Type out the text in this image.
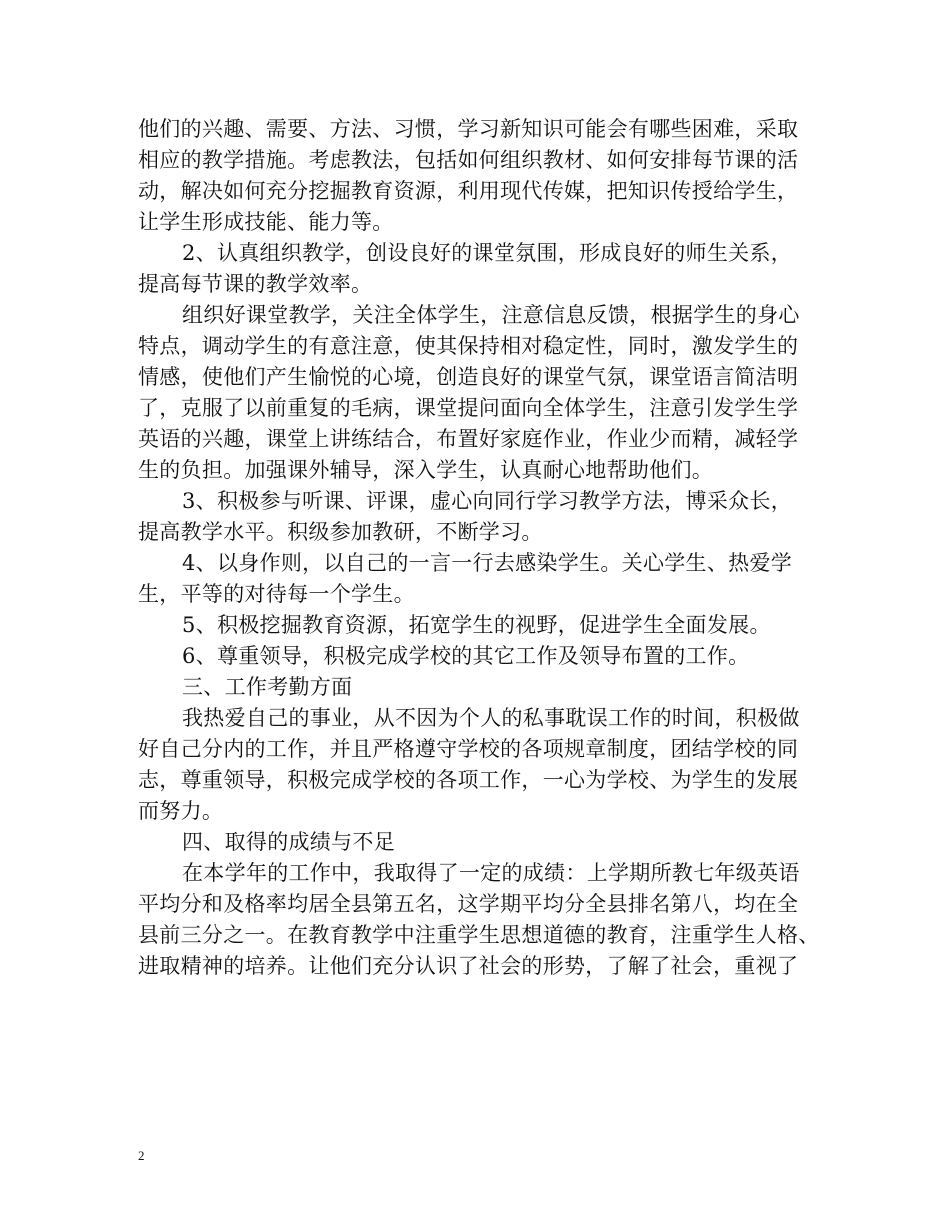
他们的兴趣、需要、方法、习惯，学习新知识可能会有哪些困难，采取

相应的教学措施。考虑教法，包括如何组织教材、如何安排每节课的活

动，解决如何充分挖掘教育资源，利用现代传媒，把知识传授给学生，

让学生形成技能、能力等。

2、认真组织教学，创设良好的课堂氛围，形成良好的师生关系，

提高每节课的教学效率。

组织好课堂教学，关注全体学生，注意信息反馈，根据学生的身心

特点，调动学生的有意注意，使其保持相对稳定性，同时，激发学生的

情感，使他们产生愉悦的心境，创造良好的课堂气氛，课堂语言简洁明

了，克服了以前重复的毛病，课堂提问面向全体学生，注意引发学生学

英语的兴趣，课堂上讲练结合，布置好家庭作业，作业少而精，减轻学

生的负担。加强课外辅导，深入学生，认真耐心地帮助他们。

3、积极参与听课、评课，虚心向同行学习教学方法，博采众长，

提高教学水平。积级参加教研，不断学习。

4、以身作则，以自己的一言一行去感染学生。关心学生、热爱学

生，平等的对待每一个学生。

5、积极挖掘教育资源，拓宽学生的视野，促进学生全面发展。

6、尊重领导，积极完成学校的其它工作及领导布置的工作。

三、工作考勤方面

我热爱自己的事业，从不因为个人的私事耽误工作的时间，积极做

好自己分内的工作，并且严格遵守学校的各项规章制度，团结学校的同

志，尊重领导，积极完成学校的各项工作，一心为学校、为学生的发展

而努力。

四、取得的成绩与不足

在本学年的工作中，我取得了一定的成绩：上学期所教七年级英语

平均分和及格率均居全县第五名，这学期平均分全县排名第八，均在全

县前三分之一。在教育教学中注重学生思想道德的教育，注重学生人格、

进取精神的培养。让他们充分认识了社会的形势，了解了社会，重视了

2
